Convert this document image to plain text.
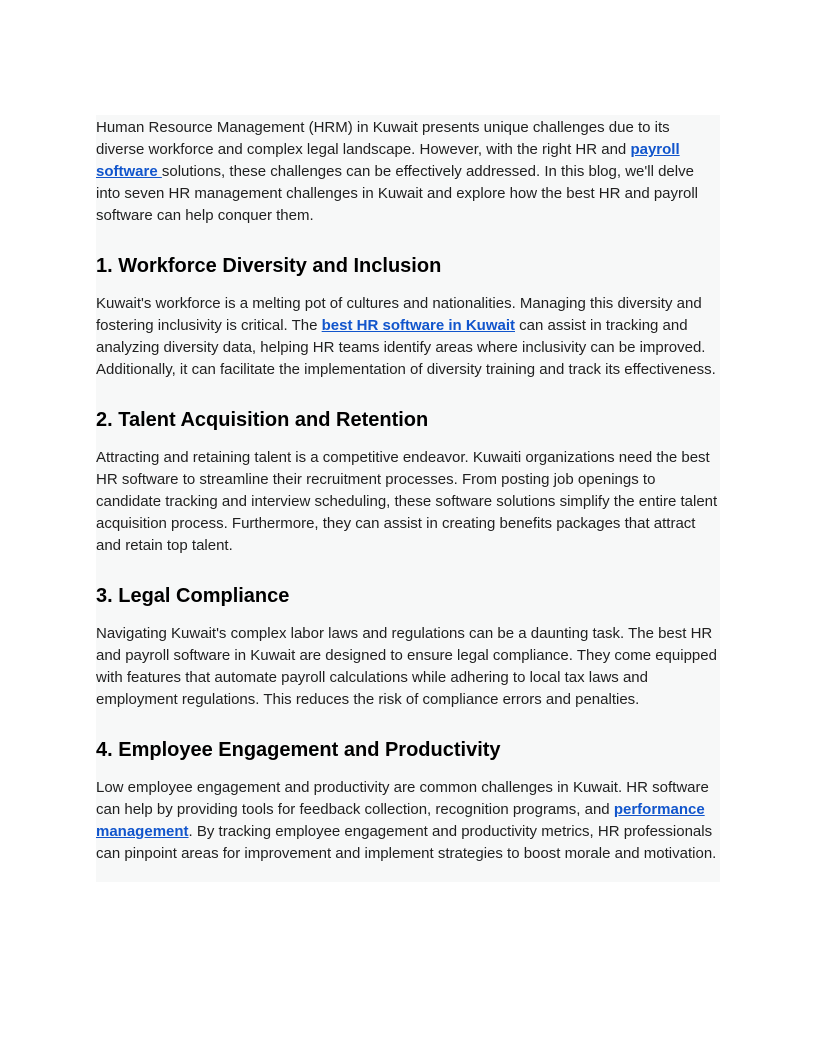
Human Resource Management (HRM) in Kuwait presents unique challenges due to its diverse workforce and complex legal landscape. However, with the right HR and payroll software solutions, these challenges can be effectively addressed. In this blog, we'll delve into seven HR management challenges in Kuwait and explore how the best HR and payroll software can help conquer them.

1. Workforce Diversity and Inclusion

Kuwait's workforce is a melting pot of cultures and nationalities. Managing this diversity and fostering inclusivity is critical. The best HR software in Kuwait can assist in tracking and analyzing diversity data, helping HR teams identify areas where inclusivity can be improved. Additionally, it can facilitate the implementation of diversity training and track its effectiveness.

2. Talent Acquisition and Retention

Attracting and retaining talent is a competitive endeavor. Kuwaiti organizations need the best HR software to streamline their recruitment processes. From posting job openings to candidate tracking and interview scheduling, these software solutions simplify the entire talent acquisition process. Furthermore, they can assist in creating benefits packages that attract and retain top talent.

3. Legal Compliance

Navigating Kuwait's complex labor laws and regulations can be a daunting task. The best HR and payroll software in Kuwait are designed to ensure legal compliance. They come equipped with features that automate payroll calculations while adhering to local tax laws and employment regulations. This reduces the risk of compliance errors and penalties.

4. Employee Engagement and Productivity

Low employee engagement and productivity are common challenges in Kuwait. HR software can help by providing tools for feedback collection, recognition programs, and performance management. By tracking employee engagement and productivity metrics, HR professionals can pinpoint areas for improvement and implement strategies to boost morale and motivation.
